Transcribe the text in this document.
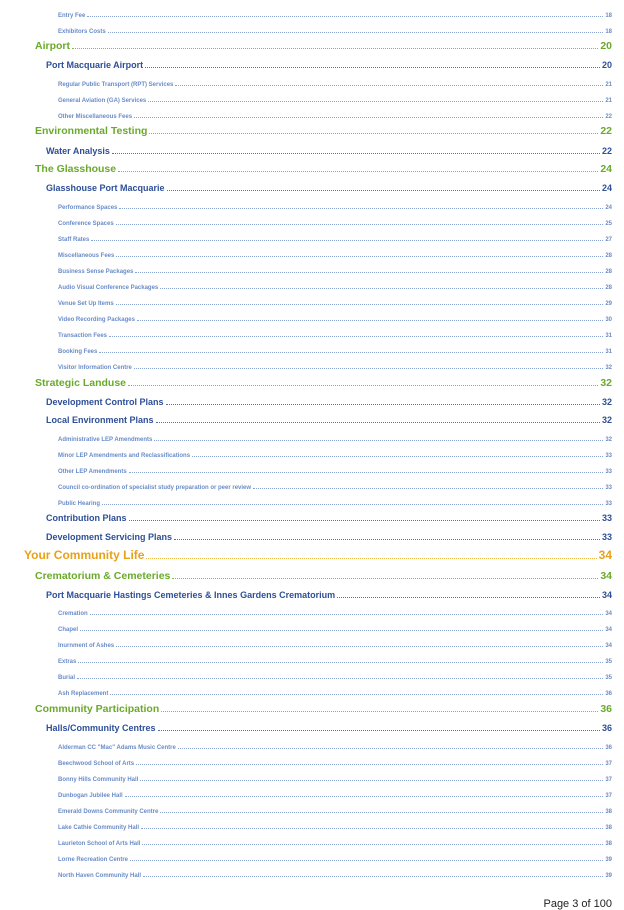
Entry Fee	18
Exhibitors Costs	18
Airport	20
Port Macquarie Airport	20
Regular Public Transport (RPT) Services	21
General Aviation (GA) Services	21
Other Miscellaneous Fees	22
Environmental Testing	22
Water Analysis	22
The Glasshouse	24
Glasshouse Port Macquarie	24
Performance Spaces	24
Conference Spaces	25
Staff Rates	27
Miscellaneous Fees	28
Business Sense Packages	28
Audio Visual Conference Packages	28
Venue Set Up Items	29
Video Recording Packages	30
Transaction Fees	31
Booking Fees	31
Visitor Information Centre	32
Strategic Landuse	32
Development Control Plans	32
Local Environment Plans	32
Administrative LEP Amendments	32
Minor LEP Amendments and Reclassifications	33
Other LEP Amendments	33
Council co-ordination of specialist study preparation or peer review	33
Public Hearing	33
Contribution Plans	33
Development Servicing Plans	33
Your Community Life	34
Crematorium & Cemeteries	34
Port Macquarie Hastings Cemeteries & Innes Gardens Crematorium	34
Cremation	34
Chapel	34
Inurnment of Ashes	34
Extras	35
Burial	35
Ash Replacement	36
Community Participation	36
Halls/Community Centres	36
Alderman CC "Mac" Adams Music Centre	36
Beechwood School of Arts	37
Bonny Hills Community Hall	37
Dunbogan Jubilee Hall	37
Emerald Downs Community Centre	38
Lake Cathie Community Hall	38
Laurieton School of Arts Hall	38
Lorne Recreation Centre	39
North Haven Community Hall	39
Page 3 of 100
